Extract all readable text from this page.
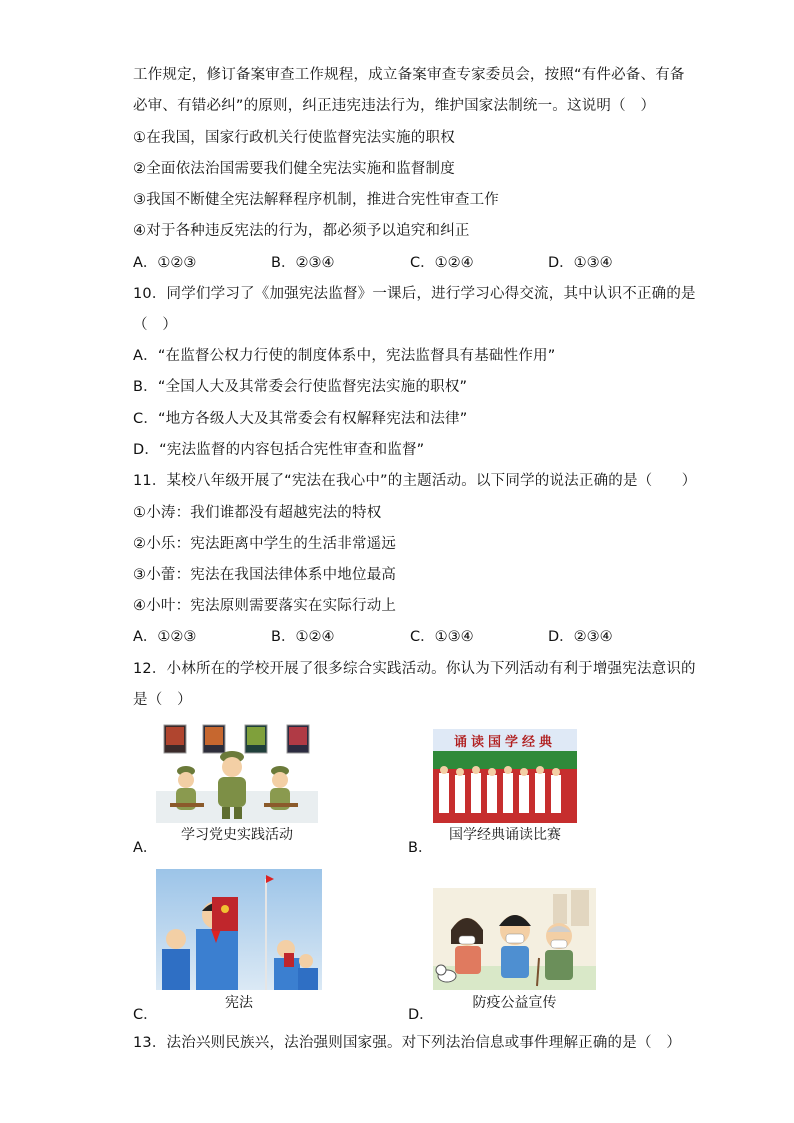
工作规定，修订备案审查工作规程，成立备案审查专家委员会，按照“有件必备、有备
必审、有错必纠”的原则，纠正违宪违法行为，维护国家法制统一。这说明（　）
①在我国，国家行政机关行使监督宪法实施的职权
②全面依法治国需要我们健全宪法实施和监督制度
③我国不断健全宪法解释程序机制，推进合宪性审查工作
④对于各种违反宪法的行为，都必须予以追究和纠正
A．①②③	B．②③④	C．①②④	D．①③④
10．同学们学习了《加强宪法监督》一课后，进行学习心得交流，其中认识不正确的是
（　）
A．“在监督公权力行使的制度体系中，宪法监督具有基础性作用”
B．“全国人大及其常委会行使监督宪法实施的职权”
C．“地方各级人大及其常委会有权解释宪法和法律”
D．“宪法监督的内容包括合宪性审查和监督”
11．某校八年级开展了“宪法在我心中”的主题活动。以下同学的说法正确的是（　　）
①小涛：我们谁都没有超越宪法的特权
②小乐：宪法距离中学生的生活非常遥远
③小蕾：宪法在我国法律体系中地位最高
④小叶：宪法原则需要落实在实际行动上
A．①②③	B．①②④	C．①③④	D．②③④
12．小林所在的学校开展了很多综合实践活动。你认为下列活动有利于增强宪法意识的
是（　）
学习党史实践活动
A．
诵读国学经典
国学经典诵读比赛
B．
宪法
C．
防疫公益宣传
D．
13．法治兴则民族兴，法治强则国家强。对下列法治信息或事件理解正确的是（　）
